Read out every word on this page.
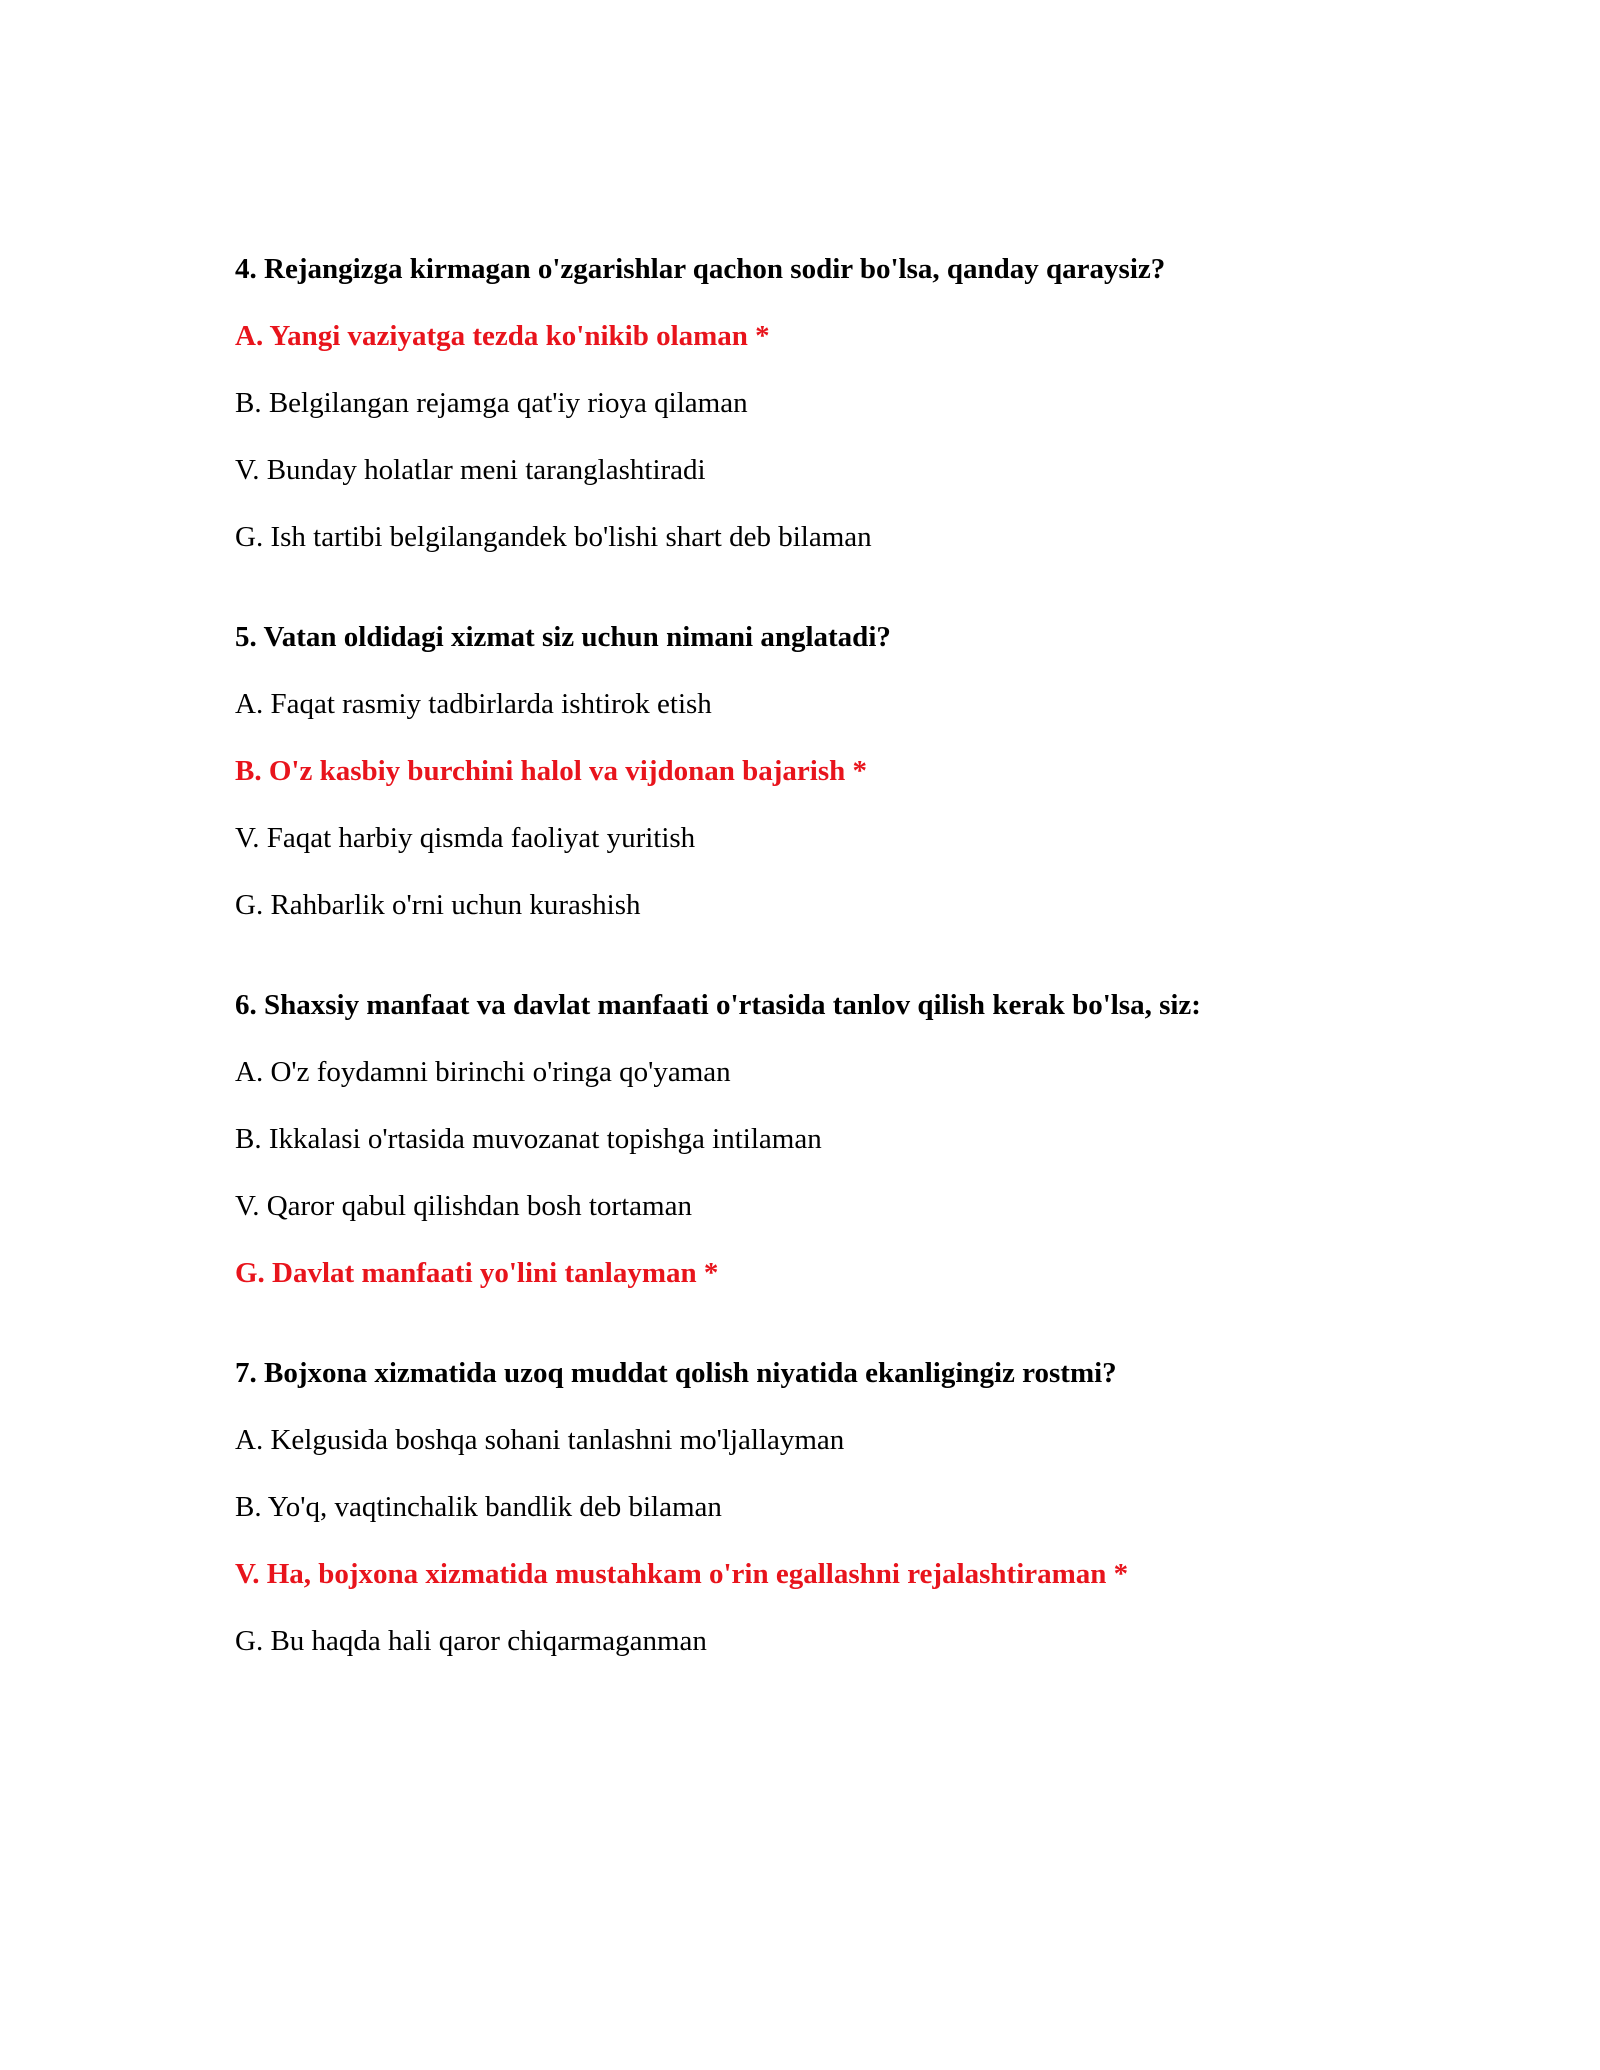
4. Rejangizga kirmagan o'zgarishlar qachon sodir bo'lsa, qanday qaraysiz?
A. Yangi vaziyatga tezda ko'nikib olaman *
B. Belgilangan rejamga qat'iy rioya qilaman
V. Bunday holatlar meni taranglashtiradi
G. Ish tartibi belgilangandek bo'lishi shart deb bilaman
5. Vatan oldidagi xizmat siz uchun nimani anglatadi?
A. Faqat rasmiy tadbirlarda ishtirok etish
B. O'z kasbiy burchini halol va vijdonan bajarish *
V. Faqat harbiy qismda faoliyat yuritish
G. Rahbarlik o'rni uchun kurashish
6. Shaxsiy manfaat va davlat manfaati o'rtasida tanlov qilish kerak bo'lsa, siz:
A. O'z foydamni birinchi o'ringa qo'yaman
B. Ikkalasi o'rtasida muvozanat topishga intilaman
V. Qaror qabul qilishdan bosh tortaman
G. Davlat manfaati yo'lini tanlayman *
7. Bojxona xizmatida uzoq muddat qolish niyatida ekanligingiz rostmi?
A. Kelgusida boshqa sohani tanlashni mo'ljallayman
B. Yo'q, vaqtinchalik bandlik deb bilaman
V. Ha, bojxona xizmatida mustahkam o'rin egallashni rejalashtiraman *
G. Bu haqda hali qaror chiqarmaganman
